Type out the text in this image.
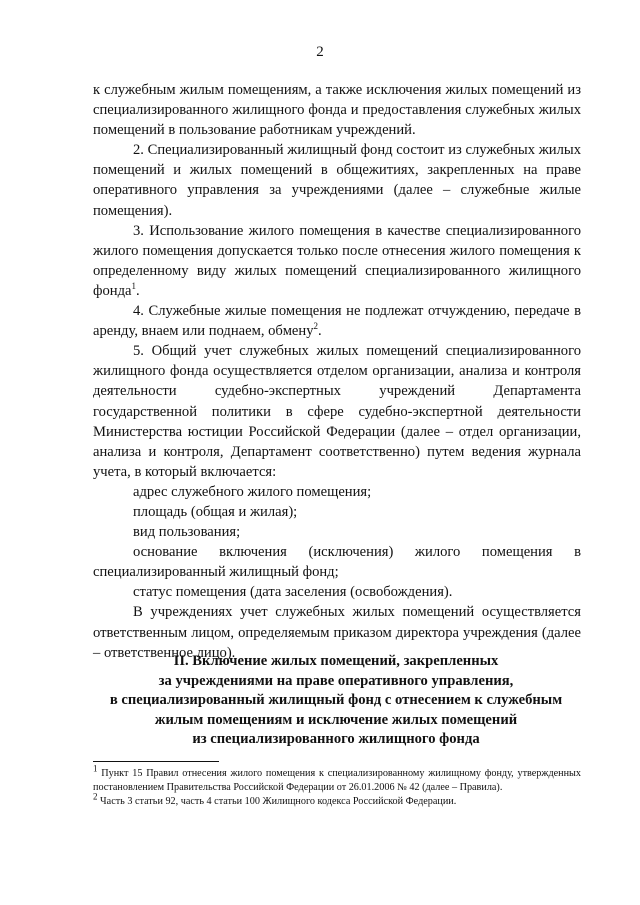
2

к служебным жилым помещениям, а также исключения жилых помещений из специализированного жилищного фонда и предоставления служебных жилых помещений в пользование работникам учреждений.

2. Специализированный жилищный фонд состоит из служебных жилых помещений и жилых помещений в общежитиях, закрепленных на праве оперативного управления за учреждениями (далее – служебные жилые помещения).

3. Использование жилого помещения в качестве специализированного жилого помещения допускается только после отнесения жилого помещения к определенному виду жилых помещений специализированного жилищного фонда$^1$.

4. Служебные жилые помещения не подлежат отчуждению, передаче в аренду, внаем или поднаем, обмену$^2$.

5. Общий учет служебных жилых помещений специализированного жилищного фонда осуществляется отделом организации, анализа и контроля деятельности судебно-экспертных учреждений Департамента государственной политики в сфере судебно-экспертной деятельности Министерства юстиции Российской Федерации (далее – отдел организации, анализа и контроля, Департамент соответственно) путем ведения журнала учета, в который включается:

адрес служебного жилого помещения;

площадь (общая и жилая);

вид пользования;

основание включения (исключения) жилого помещения в специализированный жилищный фонд;

статус помещения (дата заселения (освобождения).

В учреждениях учет служебных жилых помещений осуществляется ответственным лицом, определяемым приказом директора учреждения (далее – ответственное лицо).

II. Включение жилых помещений, закрепленных
за учреждениями на праве оперативного управления,
в специализированный жилищный фонд с отнесением к служебным
жилым помещениям и исключение жилых помещений
из специализированного жилищного фонда

$^1$ Пункт 15 Правил отнесения жилого помещения к специализированному жилищному фонду, утвержденных постановлением Правительства Российской Федерации от 26.01.2006 № 42 (далее – Правила).

$^2$ Часть 3 статьи 92, часть 4 статьи 100 Жилищного кодекса Российской Федерации.
